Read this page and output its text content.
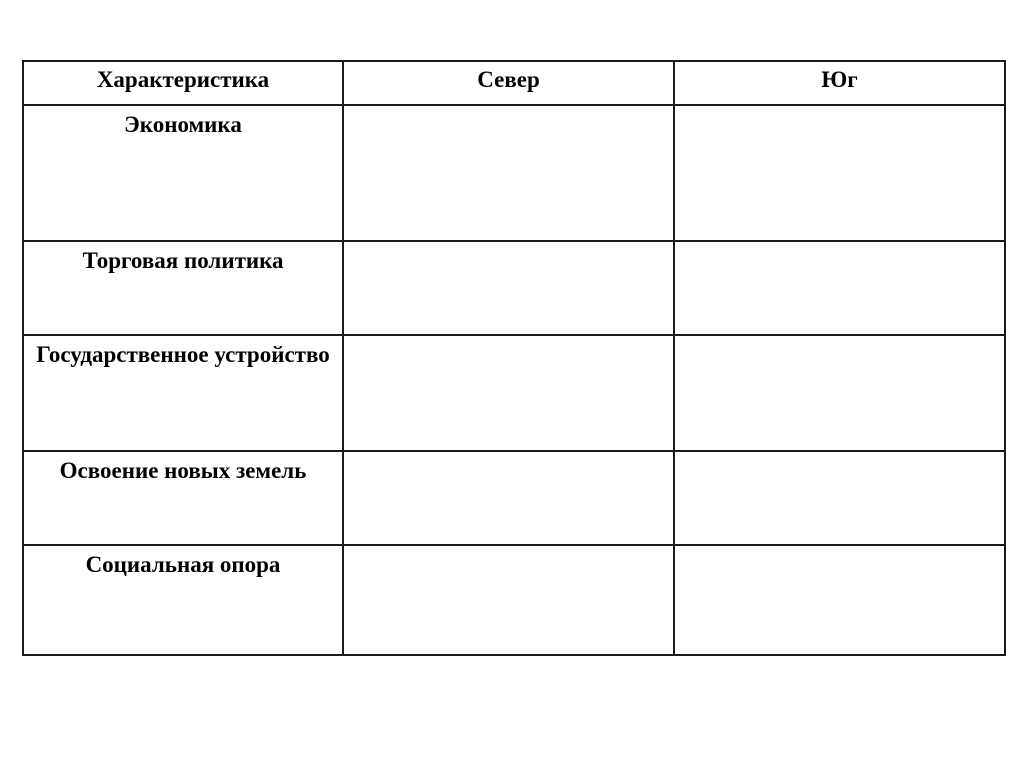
Характеристика	Север	Юг
Экономика		
Торговая политика		
Государственное устройство		
Освоение новых земель		
Социальная опора		
